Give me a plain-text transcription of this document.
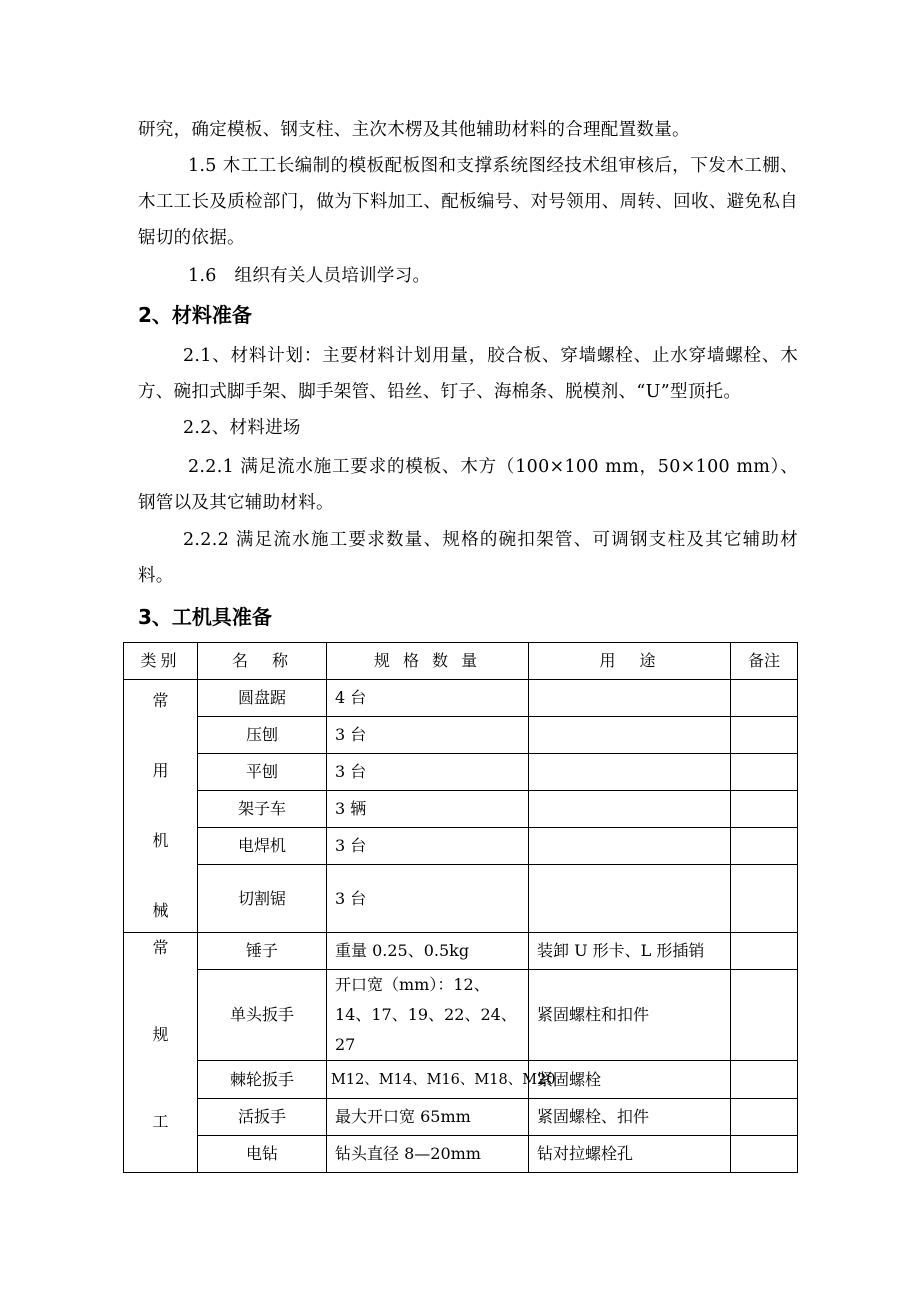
研究，确定模板、钢支柱、主次木楞及其他辅助材料的合理配置数量。

1.5 木工工长编制的模板配板图和支撑系统图经技术组审核后，下发木工棚、木工工长及质检部门，做为下料加工、配板编号、对号领用、周转、回收、避免私自锯切的依据。

1.6　组织有关人员培训学习。

2、材料准备

2.1、材料计划：主要材料计划用量，胶合板、穿墙螺栓、止水穿墙螺栓、木方、碗扣式脚手架、脚手架管、铅丝、钉子、海棉条、脱模剂、“U”型顶托。

2.2、材料进场

2.2.1 满足流水施工要求的模板、木方（100×100 mm，50×100 mm）、钢管以及其它辅助材料。

2.2.2 满足流水施工要求数量、规格的碗扣架管、可调钢支柱及其它辅助材料。

3、工机具准备
类别	名　称	规 格 数 量	用　途	备注

常
用
机
械	圆盘踞	4 台		
	压刨	3 台		
	平刨	3 台		
	架子车	3 辆		
	电焊机	3 台		
	切割锯	3 台		

常
规
工	锤子	重量 0.25、0.5kg	装卸 U 形卡、L 形插销	
	单头扳手	开口宽（mm）：12、14、17、19、22、24、27	紧固螺柱和扣件	
	棘轮扳手	M12、M14、M16、M18、M20	紧固螺栓	
	活扳手	最大开口宽 65mm	紧固螺栓、扣件	
	电钻	钻头直径 8—20mm	钻对拉螺栓孔	
